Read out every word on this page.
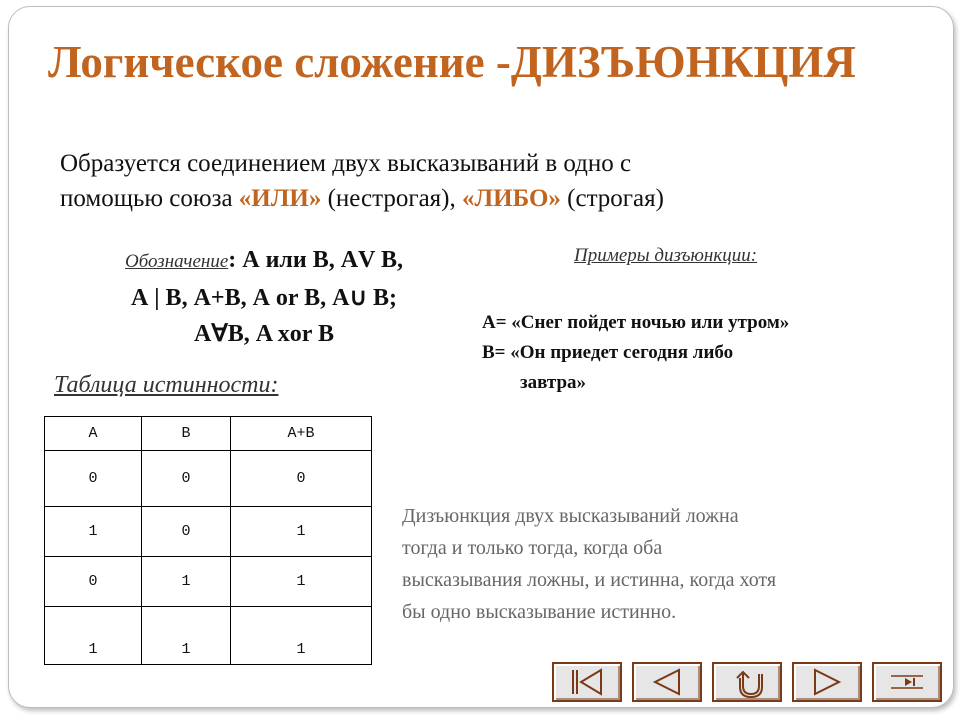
Логическое сложение -ДИЗЪЮНКЦИЯ
Образуется соединением двух высказываний в одно с
помощью союза «ИЛИ» (нестрогая), «ЛИБО» (строгая)
Обозначение: А или В, АV В,
А | В, А+В, А or В, А∪ В;
А∀В, A xor B
Примеры дизъюнкции:
А= «Снег пойдет ночью или утром»
В= «Он приедет сегодня либо
завтра»
Таблица истинности:
A	B	A+B
0	0	0
1	0	1
0	1	1
1	1	1
Дизъюнкция двух высказываний ложна
тогда и только тогда, когда оба
высказывания ложны, и истинна, когда хотя
бы одно высказывание истинно.
